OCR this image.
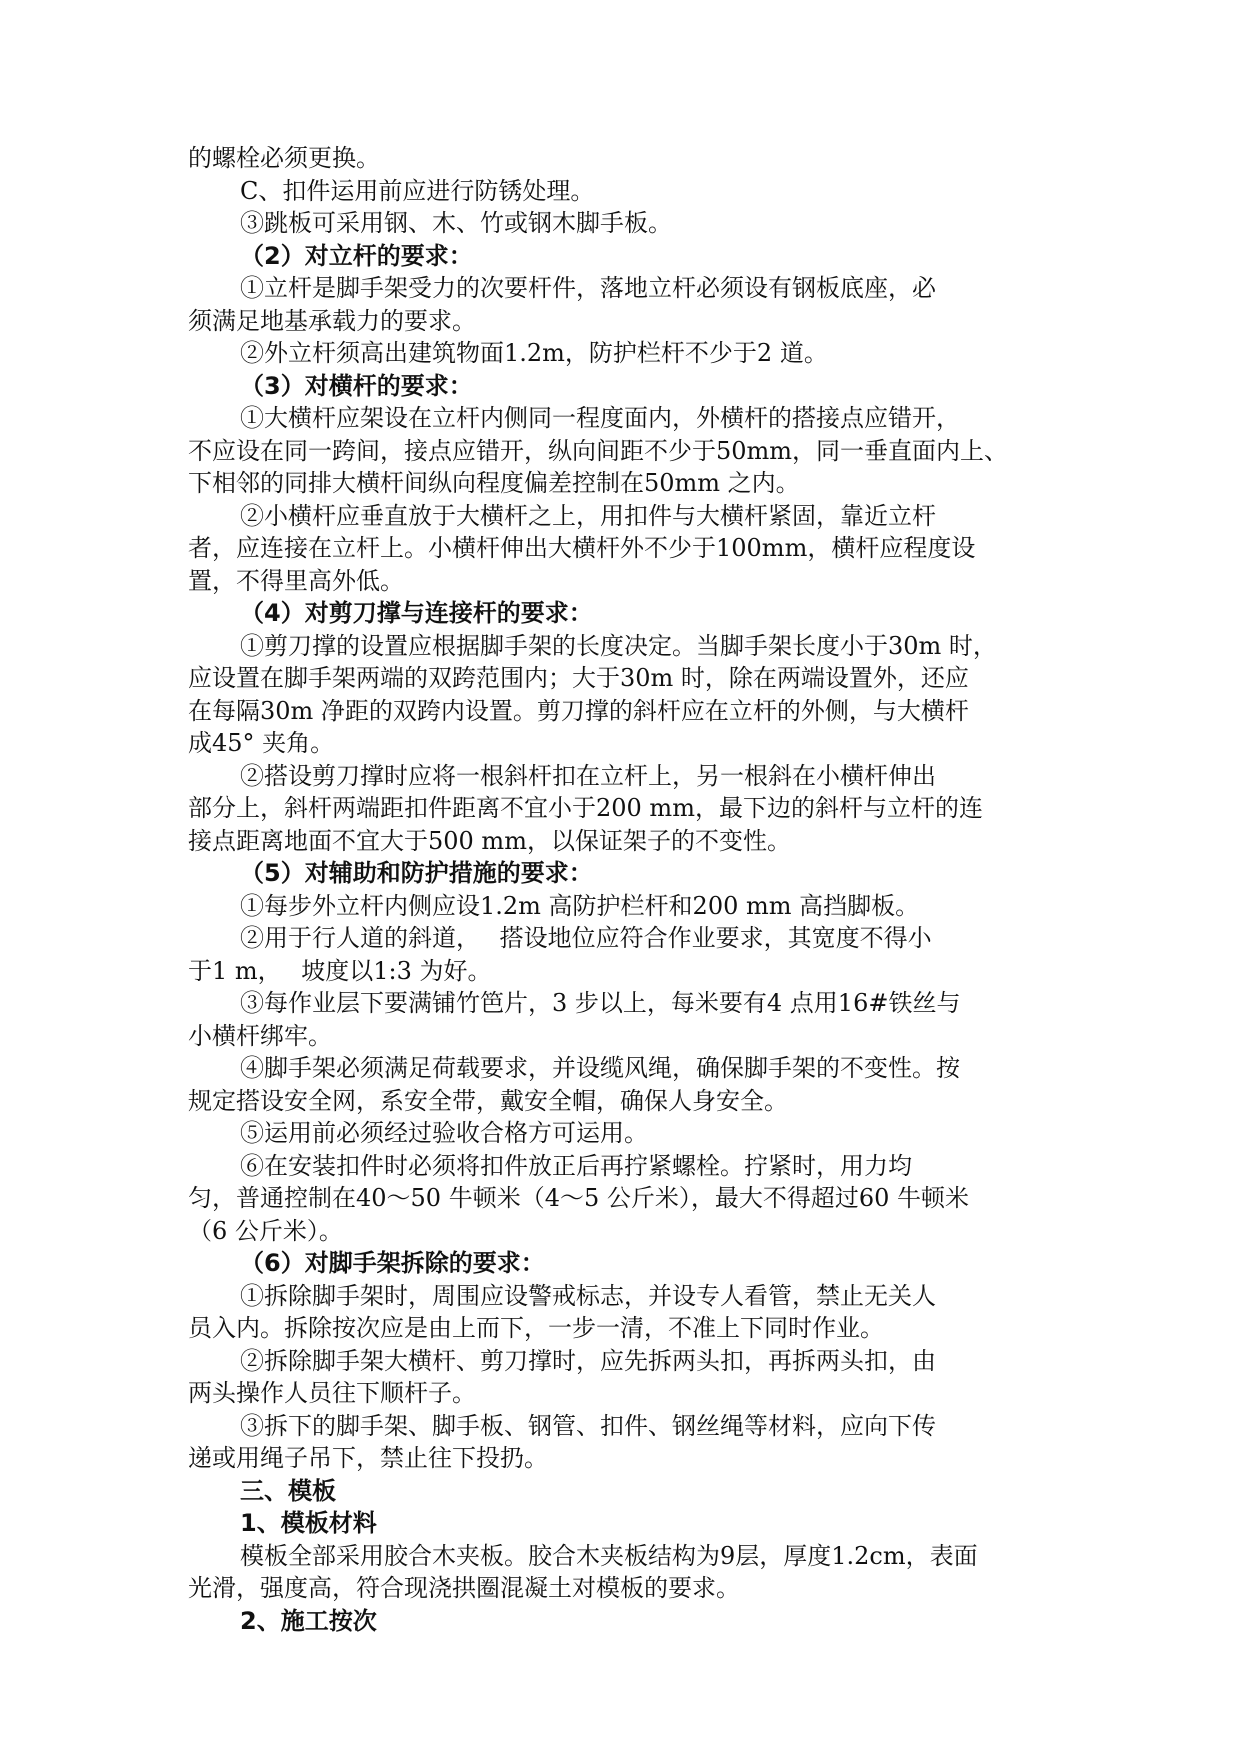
的螺栓必须更换。
C、扣件运用前应进行防锈处理。
③跳板可采用钢、木、竹或钢木脚手板。
（2）对立杆的要求：
①立杆是脚手架受力的次要杆件，落地立杆必须设有钢板底座，必
须满足地基承载力的要求。
②外立杆须高出建筑物面1.2m，防护栏杆不少于2 道。
（3）对横杆的要求：
①大横杆应架设在立杆内侧同一程度面内，外横杆的搭接点应错开，
不应设在同一跨间，接点应错开，纵向间距不少于50mm，同一垂直面内上、
下相邻的同排大横杆间纵向程度偏差控制在50mm 之内。
②小横杆应垂直放于大横杆之上，用扣件与大横杆紧固，靠近立杆
者，应连接在立杆上。小横杆伸出大横杆外不少于100mm，横杆应程度设
置，不得里高外低。
（4）对剪刀撑与连接杆的要求：
①剪刀撑的设置应根据脚手架的长度决定。当脚手架长度小于30m 时，
应设置在脚手架两端的双跨范围内；大于30m 时，除在两端设置外，还应
在每隔30m 净距的双跨内设置。剪刀撑的斜杆应在立杆的外侧，与大横杆
成45° 夹角。
②搭设剪刀撑时应将一根斜杆扣在立杆上，另一根斜在小横杆伸出
部分上，斜杆两端距扣件距离不宜小于200 mm，最下边的斜杆与立杆的连
接点距离地面不宜大于500 mm，以保证架子的不变性。
（5）对辅助和防护措施的要求：
①每步外立杆内侧应设1.2m 高防护栏杆和200 mm 高挡脚板。
②用于行人道的斜道，　 搭设地位应符合作业要求，其宽度不得小
于1 m，　 坡度以1:3 为好。
③每作业层下要满铺竹笆片，3 步以上，每米要有4 点用16#铁丝与
小横杆绑牢。
④脚手架必须满足荷载要求，并设缆风绳，确保脚手架的不变性。按
规定搭设安全网，系安全带，戴安全帽，确保人身安全。
⑤运用前必须经过验收合格方可运用。
⑥在安装扣件时必须将扣件放正后再拧紧螺栓。拧紧时，用力均
匀，普通控制在40～50 牛顿米（4～5 公斤米），最大不得超过60 牛顿米
（6 公斤米）。
（6）对脚手架拆除的要求：
①拆除脚手架时，周围应设警戒标志，并设专人看管，禁止无关人
员入内。拆除按次应是由上而下，一步一清，不准上下同时作业。
②拆除脚手架大横杆、剪刀撑时，应先拆两头扣，再拆两头扣，由
两头操作人员往下顺杆子。
③拆下的脚手架、脚手板、钢管、扣件、钢丝绳等材料，应向下传
递或用绳子吊下，禁止往下投扔。
三、模板
1、模板材料
模板全部采用胶合木夹板。胶合木夹板结构为9层，厚度1.2cm，表面
光滑，强度高，符合现浇拱圈混凝土对模板的要求。
2、施工按次
